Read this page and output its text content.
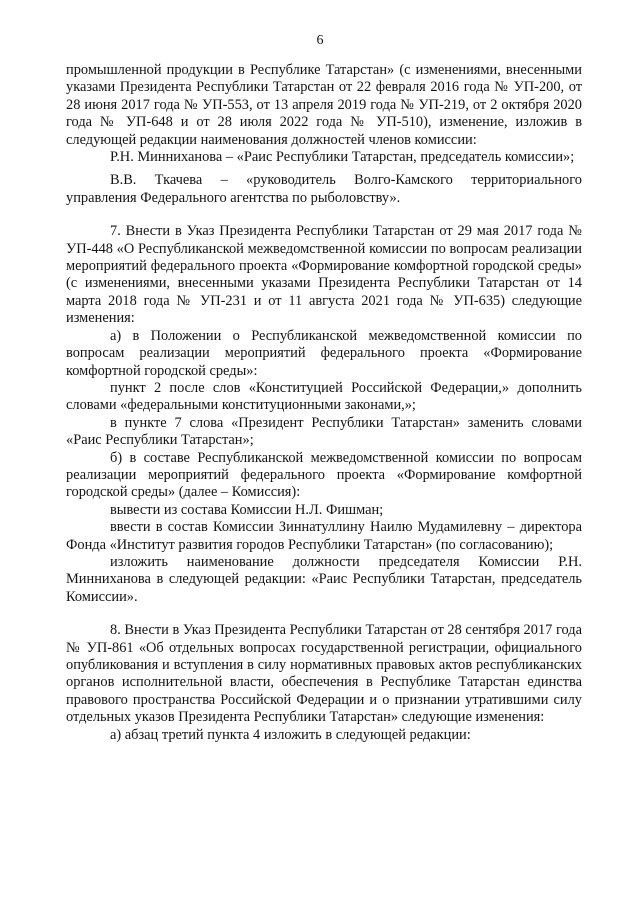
6

промышленной продукции в Республике Татарстан» (с изменениями, внесенными указами Президента Республики Татарстан от 22 февраля 2016 года № УП-200, от 28 июня 2017 года № УП-553, от 13 апреля 2019 года № УП-219, от 2 октября 2020 года № УП-648 и от 28 июля 2022 года № УП-510), изменение, изложив в следующей редакции наименования должностей членов комиссии:

Р.Н. Минниханова – «Раис Республики Татарстан, председатель комиссии»;

В.В. Ткачева – «руководитель Волго-Камского территориального управления Федерального агентства по рыболовству».

7. Внести в Указ Президента Республики Татарстан от 29 мая 2017 года № УП-448 «О Республиканской межведомственной комиссии по вопросам реализации мероприятий федерального проекта «Формирование комфортной городской среды» (с изменениями, внесенными указами Президента Республики Татарстан от 14 марта 2018 года № УП-231 и от 11 августа 2021 года № УП-635) следующие изменения:

а) в Положении о Республиканской межведомственной комиссии по вопросам реализации мероприятий федерального проекта «Формирование комфортной городской среды»:

пункт 2 после слов «Конституцией Российской Федерации,» дополнить словами «федеральными конституционными законами,»;

в пункте 7 слова «Президент Республики Татарстан» заменить словами «Раис Республики Татарстан»;

б) в составе Республиканской межведомственной комиссии по вопросам реализации мероприятий федерального проекта «Формирование комфортной городской среды» (далее – Комиссия):

вывести из состава Комиссии Н.Л. Фишман;

ввести в состав Комиссии Зиннатуллину Наилю Мудамилевну – директора Фонда «Институт развития городов Республики Татарстан» (по согласованию);

изложить наименование должности председателя Комиссии Р.Н. Минниханова в следующей редакции: «Раис Республики Татарстан, председатель Комиссии».

8. Внести в Указ Президента Республики Татарстан от 28 сентября 2017 года № УП-861 «Об отдельных вопросах государственной регистрации, официального опубликования и вступления в силу нормативных правовых актов республиканских органов исполнительной власти, обеспечения в Республике Татарстан единства правового пространства Российской Федерации и о признании утратившими силу отдельных указов Президента Республики Татарстан» следующие изменения:

а) абзац третий пункта 4 изложить в следующей редакции:
